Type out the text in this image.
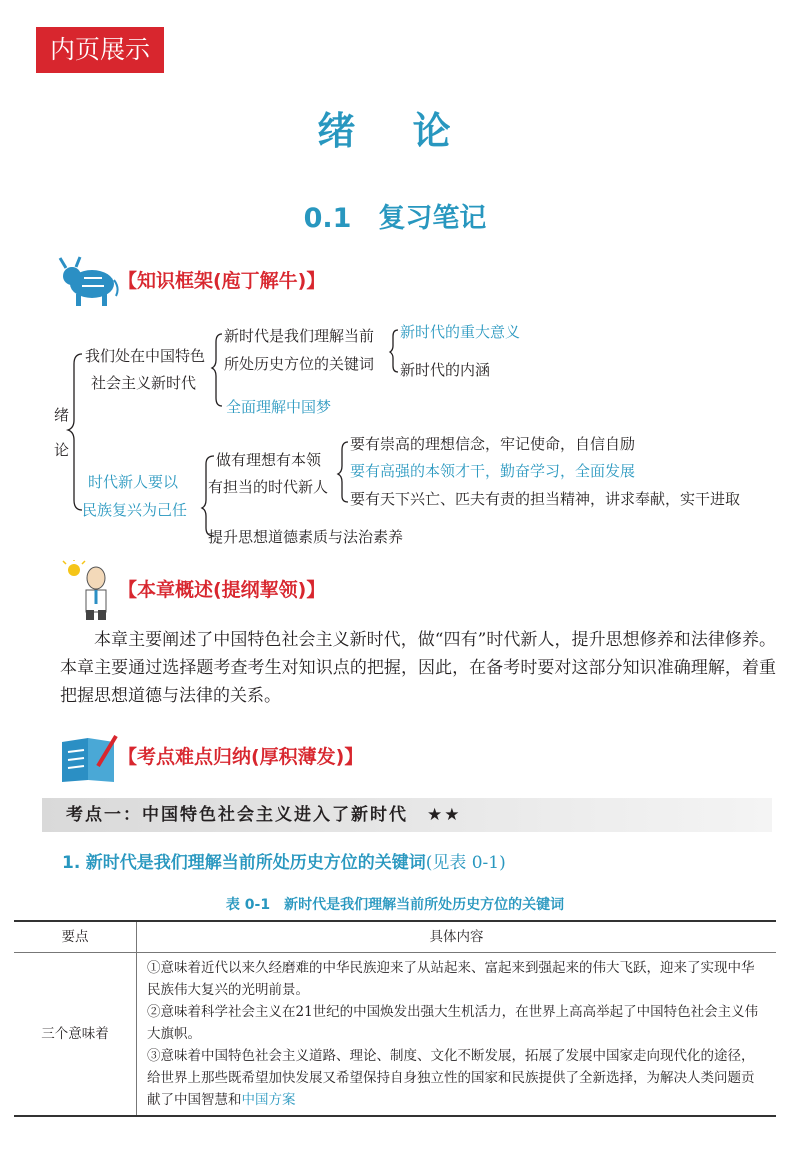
内页展示
绪 论
0.1　复习笔记
【知识框架(庖丁解牛)】
绪
论
我们处在中国特色
社会主义新时代
新时代是我们理解当前
所处历史方位的关键词
新时代的重大意义
新时代的内涵
全面理解中国梦
时代新人要以
民族复兴为己任
做有理想有本领
有担当的时代新人
要有崇高的理想信念，牢记使命，自信自励
要有高强的本领才干，勤奋学习，全面发展
要有天下兴亡、匹夫有责的担当精神，讲求奉献，实干进取
提升思想道德素质与法治素养
【本章概述(提纲挈领)】
本章主要阐述了中国特色社会主义新时代，做“四有”时代新人，提升思想修养和法律修养。本章主要通过选择题考查考生对知识点的把握，因此，在备考时要对这部分知识准确理解，着重把握思想道德与法律的关系。
【考点难点归纳(厚积薄发)】
考点一：中国特色社会主义进入了新时代　★★
1. 新时代是我们理解当前所处历史方位的关键词(见表 0-1)
表 0-1　新时代是我们理解当前所处历史方位的关键词
要点	具体内容
三个意味着	①意味着近代以来久经磨难的中华民族迎来了从站起来、富起来到强起来的伟大飞跃，迎来了实现中华民族伟大复兴的光明前景。

②意味着科学社会主义在21世纪的中国焕发出强大生机活力，在世界上高高举起了中国特色社会主义伟大旗帜。

③意味着中国特色社会主义道路、理论、制度、文化不断发展，拓展了发展中国家走向现代化的途径，给世界上那些既希望加快发展又希望保持自身独立性的国家和民族提供了全新选择，为解决人类问题贡献了中国智慧和中国方案
